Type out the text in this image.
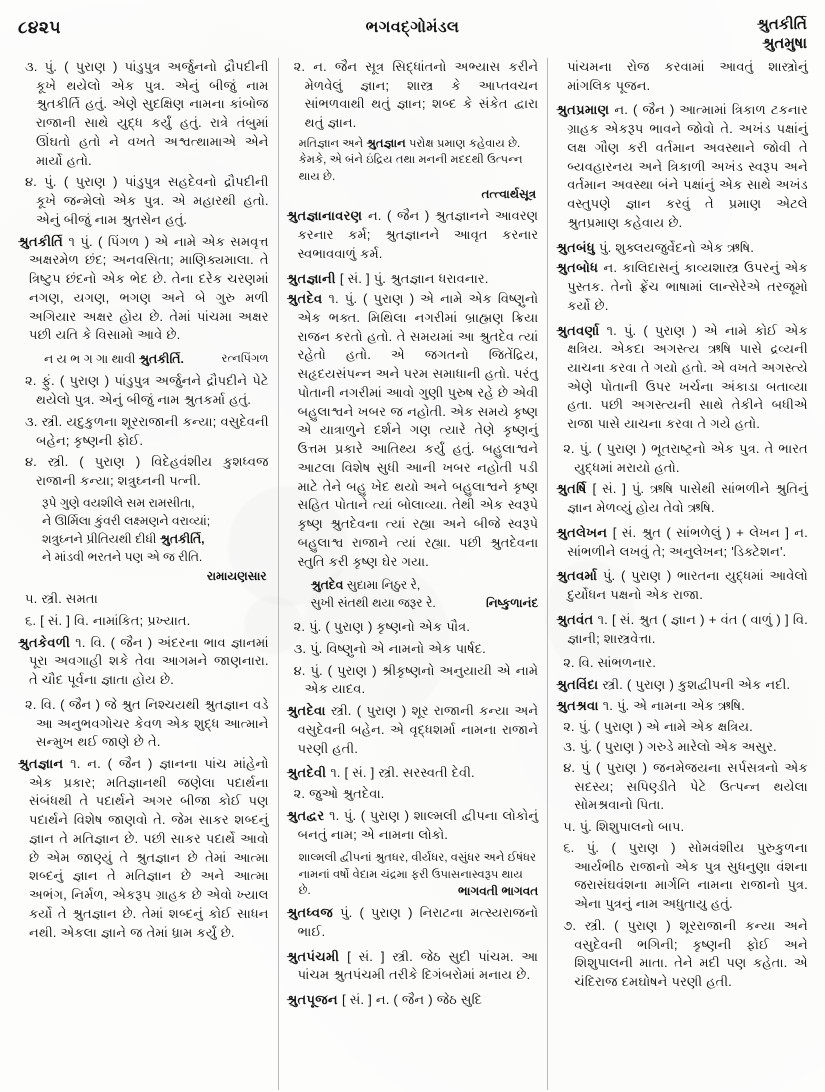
૮૪૨૫	ભગવદ્ગોમંડલ	શ્રુતકીર્તિ
શ્રુતમુષા

૩. પું. ( પુરાણ ) પાંડુપુત્ર અર્જુનનો દ્રૌપદીની કૂખે થયેલો એક પુત્ર. એનું બીજું નામ શ્રુતકીર્તિ હતું. એણે સુદક્ષિણ નામના કાંબોજ રાજાની સાથે યુદ્ધ કર્યું હતું. રાત્રે તંબુમાં ઊંઘતો હતો ને વખતે અશ્વત્થામાએ એને માર્યો હતો.

૪. પું. ( પુરાણ ) પાંડુપુત્ર સહદેવનો દ્રૌપદીની કૂખે જન્મેલો એક પુત્ર. એ મહારથી હતો. એનું બીજું નામ શ્રુતસેન હતું.

શ્રુતકીર્તિ ૧ પું. ( પિંગળ ) એ નામે એક સમવૃત્ત અક્ષરમેળ છંદ; અનવસિતા; માણિક્યમાલા. તે ત્રિષ્ટુપ છંદનો એક ભેદ છે. તેના દરેક ચરણમાં નગણ, યગણ, ભગણ અને બે ગુરુ મળી અગિયાર અક્ષર હોય છે. તેમાં પાંચમા અક્ષર પછી યતિ કે વિસામો આવે છે.

રત્નપિંગળ
ન ય ભ ગ ગા થાવી શ્રુતકીર્તિ.

૨. ફું. ( પુરાણ ) પાંડુપુત્ર અર્જુનને દ્રૌપદીને પેટે થયેલો પુત્ર. એનું બીજું નામ શ્રુતકર્મા હતું.

૩. સ્ત્રી. યદુકુળના શૂરરાજાની કન્યા; વસુદેવની બહેન; કૃષ્ણની ફોઈ.

૪. સ્ત્રી. ( પુરાણ ) વિદેહવંશીય કુશધ્વજ રાજાની કન્યા; શત્રુઘ્નની પત્ની.

રૂપે ગુણે વયશીલે સમ રામસીતા,
ને ઊર્મિલા કુંવરી લક્ષ્મણને વરાવ્યાં;
શત્રુઘ્નને પ્રીતિયથી દીધી શ્રુતકીર્તિ,
ને માંડવી ભરતને પણ એ જ રીતિ.
રામાયણસાર

૫. સ્ત્રી. સમતા

૬. [ સં. ] વિ. નામાંકિત; પ્રખ્યાત.

શ્રુતકેવળી ૧. વિ. ( જૈન ) અંદરના ભાવ જ્ઞાનમાં પૂરા અવગાહી શકે તેવા આગમને જાણનારા. તે ચૌદ પૂર્વના જ્ઞાતા હોય છે.

૨. વિ. ( જૈન ) જે શ્રુત નિશ્ચયથી શ્રુતજ્ઞાન વડે આ અનુભવગોચર કેવળ એક શુદ્ધ આત્માને સન્મુખ થઈ જાણે છે તે.

શ્રુતજ્ઞાન ૧. ન. ( જૈન ) જ્ઞાનના પાંચ માંહેનો એક પ્રકાર; મતિજ્ઞાનથી જણેલા પદાર્થના સંબંધથી તે પદાર્થને અગર બીજા કોઈ પણ પદાર્થને વિશેષ જાણવો તે. જેમ સાકર શબ્દનું જ્ઞાન તે મતિજ્ઞાન છે. પછી સાકર પદાર્થે આવો છે એમ જાણ્યું તે શ્રુતજ્ઞાન છે તેમાં આત્મા શબ્દનું જ્ઞાન તે મતિજ્ઞાન છે અને આત્મા અભંગ, નિર્મળ, એકરૂપ ગ્રાહક છે એવો ખ્યાલ કર્યો તે શ્રુતજ્ઞાન છે. તેમાં શબ્દનું કોઈ સાધન નથી. એકલા જ્ઞાને જ તેમાં ધ્રામ કર્યું છે.

૨. ન. જૈન સૂત્ર સિદ્ધાંતનો અભ્યાસ કરીને મેળવેલું જ્ઞાન; શાસ્ત્ર કે આપ્તવચન સાંભળવાથી થતું જ્ઞાન; શબ્દ કે સંકેત દ્વારા થતું જ્ઞાન.

મતિજ્ઞાન અને શ્રુતજ્ઞાન પરોક્ષ પ્રમાણ કહેવાય છે. કેમકે, એ બંને ઇંદ્રિય તથા મનની મદદથી ઉત્પન્ન થાય છે.
તત્ત્વાર્થસૂત્ર

શ્રુતજ્ઞાનાવરણ ન. ( જૈન ) શ્રુતજ્ઞાનને આવરણ કરનાર કર્મ; શ્રુતજ્ઞાનને આવૃત કરનાર સ્વભાવવાળું કર્મ.

શ્રુતજ્ઞાની [ સં. ] પું. શ્રુતજ્ઞાન ધરાવનાર.

શ્રુતદેવ ૧. પું. ( પુરાણ ) એ નામે એક વિષ્ણુનો એક ભક્ત. મિથિલા નગરીમાં બ્રાહ્મણ ક્રિયા રાજન કરતો હતો. તે સમયમાં આ શ્રુતદેવ ત્યાં રહેતો હતો. એ જગતનો જિતેંદ્રિય, સહૃદયસંપન્ન અને પરમ સમાધાની હતો. પરંતુ પોતાની નગરીમાં આવો ગુણી પુરુષ રહે છે એવી બહુલાશ્વને ખબર જ નહોતી. એક સમયે કૃષ્ણ એ યાત્રાળુને દર્શને ગણ ત્યારે તેણે કૃષ્ણનું ઉત્તમ પ્રકારે આતિથ્ય કર્યું હતું. બહુલાશ્વને આટલા વિશેષ સુધી આની ખબર નહોતી પડી માટે તેને બહુ ખેદ થયો અને બહુલાશ્વને કૃષ્ણ સહિત પોતાને ત્યાં બોલાવ્યા. તેથી એક સ્વરૂપે કૃષ્ણ શ્રુતદેવના ત્યાં રહ્યા અને બીજે સ્વરૂપે બહુલાશ્વ રાજાને ત્યાં રહ્યા. પછી શ્રુતદેવના સ્તુતિ કરી કૃષ્ણ ઘેર ગયા.

શ્રુતદેવ સુદામા નિઠુર રે,
નિષ્કુળાનંદ
સુખી સંતથી થયા જરૂર રે.

૨. પું. ( પુરાણ ) કૃષ્ણનો એક પૌત્ર.

૩. પું. વિષ્ણુનો એ નામનો એક પાર્ષદ.

૪. પું. ( પુરાણ ) શ્રીકૃષ્ણનો અનુયાયી એ નામે એક યાદવ.

શ્રુતદેવા સ્ત્રી. ( પુરાણ ) શૂર રાજાની કન્યા અને વસુદેવની બહેન. એ વૃદ્ધશર્મા નામના રાજાને પરણી હતી.

શ્રુતદેવી ૧. [ સં. ] સ્ત્રી. સરસ્વતી દેવી.

૨. જુઓ શ્રુતદેવા.

શ્રુતદ્વર ૧. પું. ( પુરાણ ) શાલ્મલી દ્વીપના લોકોનું બનતું નામ; એ નામના લોકો.

શાલ્મલી દ્વીપનાં શ્રુતધર, વીર્યધર, વસુંધર અને ઈષંધર નામનાં વર્ષો વેદામ ચંદ્રમા ફરી ઉપાસનાસ્વરૂપ થાય છે.	ભાગવતી ભાગવત

શ્રુતધ્વજ પું. ( પુરાણ ) નિરાટના મત્સ્યરાજનો ભાઈ.

શ્રુતપંચમી [ સં. ] સ્ત્રી. જેઠ સુદી પાંચમ. આ પાંચમ શ્રુતપંચમી તરીકે દિગંબરોમાં મનાય છે.

શ્રુતપૂજન [ સં. ] ન. ( જૈન ) જેઠ સુદિ

પાંચમના રોજ કરવામાં આવતું શાસ્ત્રોનું માંગલિક પૂજન.

શ્રુતપ્રમાણ ન. ( જૈન ) આત્મામાં ત્રિકાળ ટકનાર ગ્રાહક એકરૂપ ભાવને જોવો તે. અખંડ પક્ષાંનું લક્ષ ગૌણ કરી વર્તમાન અવસ્થાને જોવી તે બ્યવહારનય અને ત્રિકાળી અખંડ સ્વરૂપ અને વર્તમાન અવસ્થા બંને પક્ષાંનું એક સાથે અખંડ વસ્તુપણે જ્ઞાન કરવું તે પ્રમાણ એટલે શ્રુતપ્રમાણ કહેવાય છે.

શ્રુતબંધુ પું. શુક્લયજુર્વેદનો એક ઋષિ.

શ્રુતબોધ ન. કાલિદાસનું કાવ્યશાસ્ત્ર ઉપરનું એક પુસ્તક. તેનો ફ્રેંચ ભાષામાં લાન્સેરેએ તરજૂમો કર્યો છે.

શ્રુતવર્ણા ૧. પું. ( પુરાણ ) એ નામે કોઈ એક ક્ષત્રિય. એકદા અગસ્ત્ય ઋષિ પાસે દ્રવ્યની યાચના કરવા તે ગયો હતો. એ વખતે અગસ્ત્યે એણે પોતાની ઉપર ખર્ચના અંકાડા બતાવ્યા હતા. પછી અગસ્ત્યની સાથે તેકીને બધીએ રાજા પાસે યાચના કરવા તે ગયે હતો.

૨. પું. ( પુરાણ ) ભૂતરાષ્ટ્રનો એક પુત્ર. તે ભારત યુદ્ધમાં મરાયો હતો.

શ્રુતર્ષિ [ સં. ] પું. ઋષિ પાસેથી સાંભળીને શ્રુતિનું જ્ઞાન મેળવ્યું હોય તેવો ઋષિ.

શ્રુતલેખન [ સં. શ્રુત ( સાંભળેલું ) + લેખન ] ન. સાંભળીને લખવું તે; અનુલેખન; 'ડિક્ટેશન'.

શ્રુતવર્મા પું. ( પુરાણ ) ભારતના યુદ્ધમાં આવેલો દુર્યોધન પક્ષનો એક રાજા.

શ્રુતવંત ૧. [ સં. શ્રુત ( જ્ઞાન ) + વંત ( વાળું ) ] વિ. જ્ઞાની; શાસ્ત્રવેત્તા.

૨. વિ. સાંભળનાર.

શ્રુતવિંદા સ્ત્રી. ( પુરાણ ) કુશદ્વીપની એક નદી.

શ્રુતશ્રવા ૧. પું. એ નામના એક ઋષિ.

૨. પું. ( પુરાણ ) એ નામે એક ક્ષત્રિય.

૩. પું. ( પુરાણ ) ગરુડે મારેલો એક અસુર.

૪. પું ( પુરાણ ) જનમેજયના સર્પસત્રનો એક સદસ્ય; સપિણ્ડીતે પેટે ઉત્પન્ન થયેલા સોમશ્રવાનો પિતા.

૫. પું. શિશુપાલનો બાપ.

૬. પું. ( પુરાણ ) સોમવંશીય પુરુકુળના આર્યભીઠ રાજાનો એક પુત્ર સુધનુણા વંશના જરાસંઘવંશના માર્ગનિ નામના રાજાનો પુત્ર. એના પુત્રનું નામ અધુતાયુ હતું.

૭. સ્ત્રી. ( પુરાણ ) શૂરરાજાની કન્યા અને વસુદેવની ભગિની; કૃષ્ણની ફોઈ અને શિશુપાલની માતા. તેને મદી પણ કહેતા. એ ચંદિરાજ દમઘોષને પરણી હતી.
